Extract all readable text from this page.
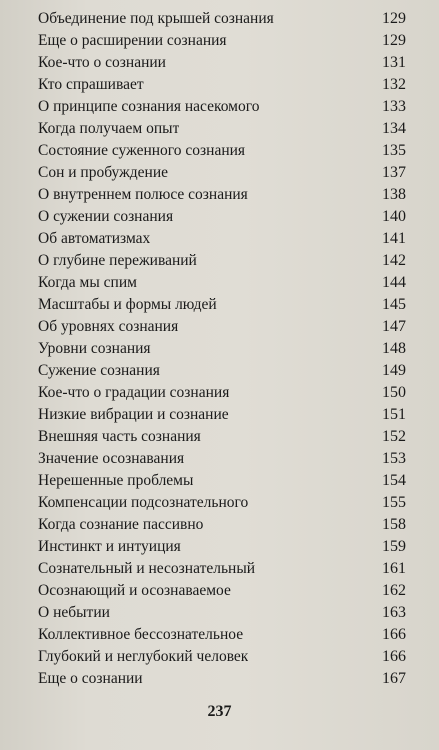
Объединение под крышей сознания	129
Еще о расширении сознания	129
Кое-что о сознании	131
Кто спрашивает	132
О принципе сознания насекомого	133
Когда получаем опыт	134
Состояние суженного сознания	135
Сон и пробуждение	137
О внутреннем полюсе сознания	138
О сужении сознания	140
Об автоматизмах	141
О глубине переживаний	142
Когда мы спим	144
Масштабы и формы людей	145
Об уровнях сознания	147
Уровни сознания	148
Сужение сознания	149
Кое-что о градации сознания	150
Низкие вибрации и сознание	151
Внешняя часть сознания	152
Значение осознавания	153
Нерешенные проблемы	154
Компенсации подсознательного	155
Когда сознание пассивно	158
Инстинкт и интуиция	159
Сознательный и несознательный	161
Осознающий и осознаваемое	162
О небытии	163
Коллективное бессознательное	166
Глубокий и неглубокий человек	166
Еще о сознании	167
237
